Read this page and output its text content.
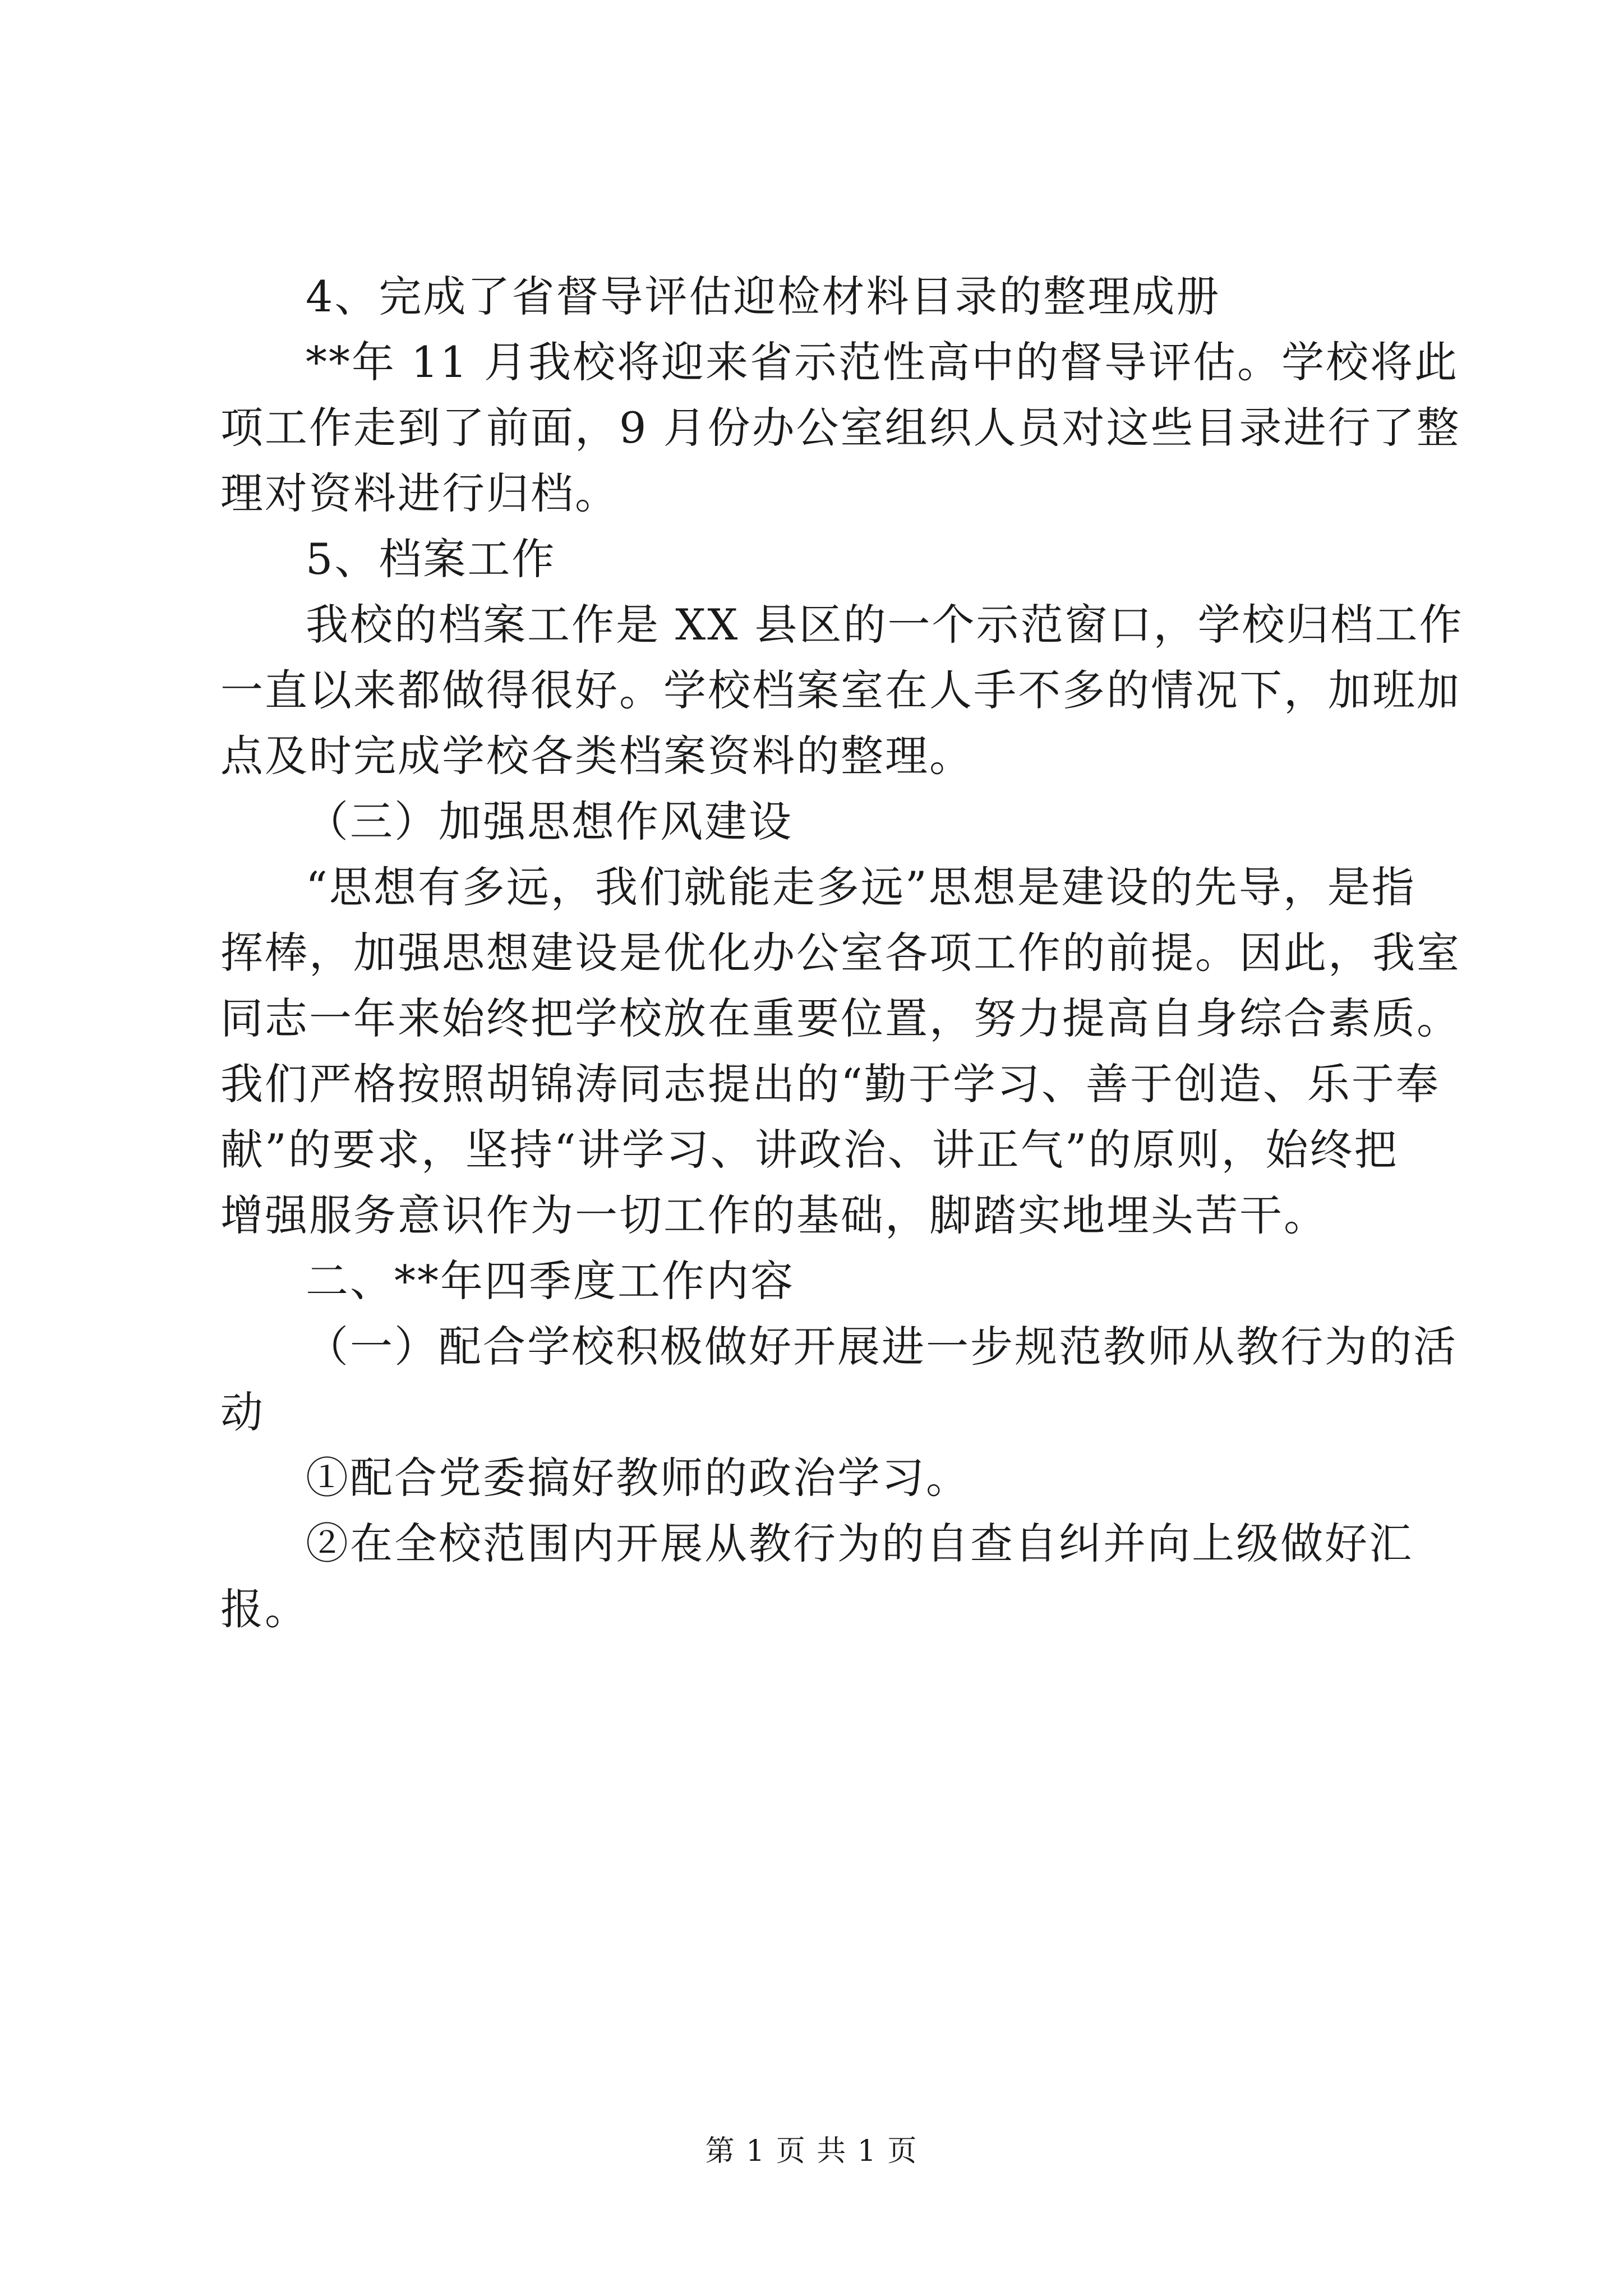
4、完成了省督导评估迎检材料目录的整理成册
**年 11 月我校将迎来省示范性高中的督导评估。学校将此
项工作走到了前面，9 月份办公室组织人员对这些目录进行了整
理对资料进行归档。
5、档案工作
我校的档案工作是 XX 县区的一个示范窗口，学校归档工作
一直以来都做得很好。学校档案室在人手不多的情况下，加班加
点及时完成学校各类档案资料的整理。
（三）加强思想作风建设
“思想有多远，我们就能走多远”思想是建设的先导，是指
挥棒，加强思想建设是优化办公室各项工作的前提。因此，我室
同志一年来始终把学校放在重要位置，努力提高自身综合素质。
我们严格按照胡锦涛同志提出的“勤于学习、善于创造、乐于奉
献”的要求，坚持“讲学习、讲政治、讲正气”的原则，始终把
增强服务意识作为一切工作的基础，脚踏实地埋头苦干。
二、**年四季度工作内容
（一）配合学校积极做好开展进一步规范教师从教行为的活
动
①配合党委搞好教师的政治学习。
②在全校范围内开展从教行为的自查自纠并向上级做好汇
报。
第 1 页 共 1 页
